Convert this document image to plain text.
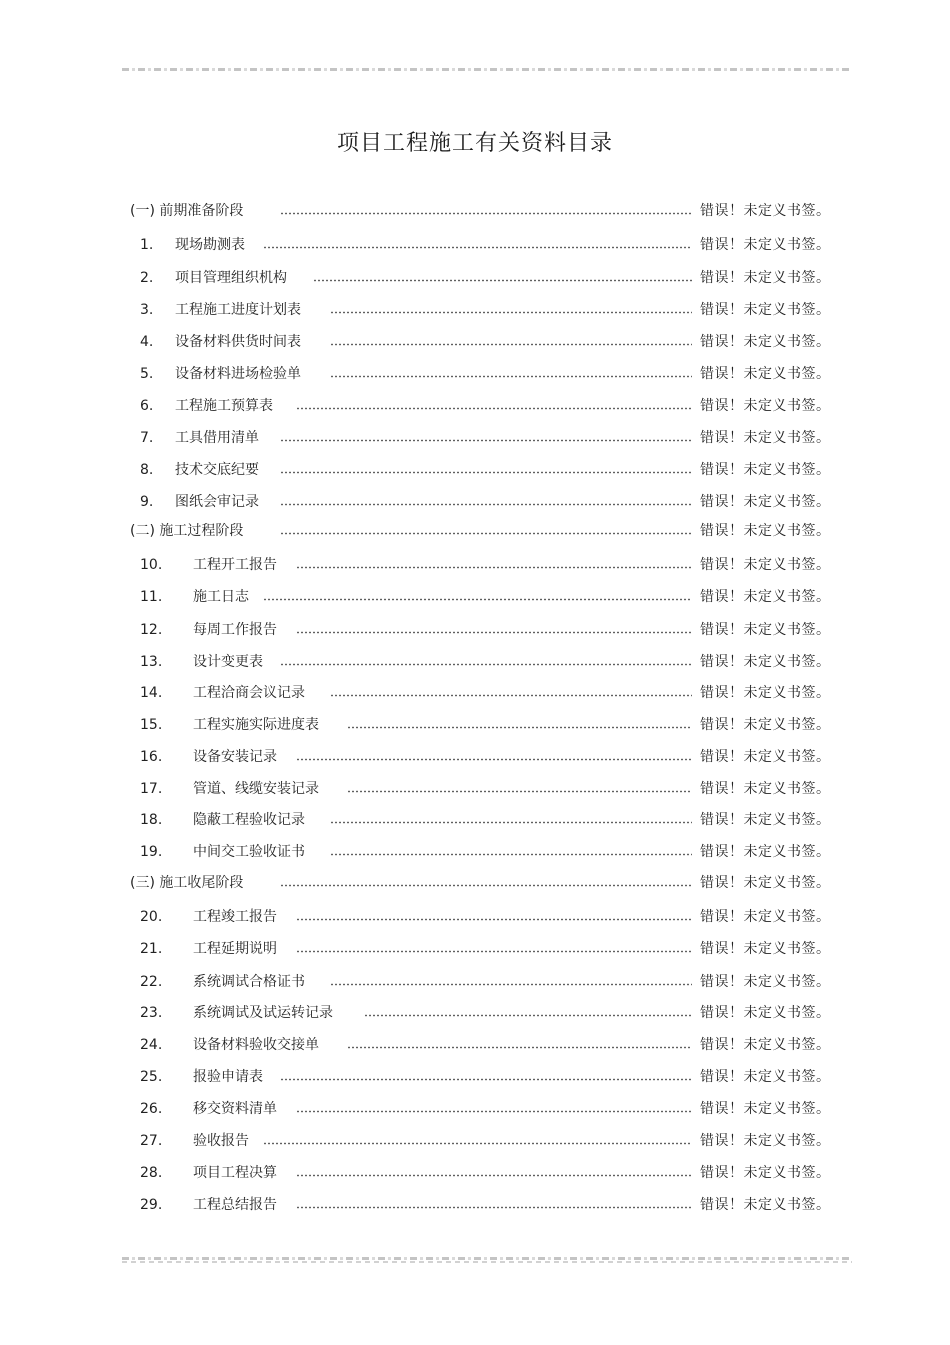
项目工程施工有关资料目录
(一) 前期准备阶段	错误！未定义书签。
1. 现场勘测表	错误！未定义书签。
2. 项目管理组织机构	错误！未定义书签。
3. 工程施工进度计划表	错误！未定义书签。
4. 设备材料供货时间表	错误！未定义书签。
5. 设备材料进场检验单	错误！未定义书签。
6. 工程施工预算表	错误！未定义书签。
7. 工具借用清单	错误！未定义书签。
8. 技术交底纪要	错误！未定义书签。
9. 图纸会审记录	错误！未定义书签。
(二) 施工过程阶段	错误！未定义书签。
10. 工程开工报告	错误！未定义书签。
11. 施工日志	错误！未定义书签。
12. 每周工作报告	错误！未定义书签。
13. 设计变更表	错误！未定义书签。
14. 工程洽商会议记录	错误！未定义书签。
15. 工程实施实际进度表	错误！未定义书签。
16. 设备安装记录	错误！未定义书签。
17. 管道、线缆安装记录	错误！未定义书签。
18. 隐蔽工程验收记录	错误！未定义书签。
19. 中间交工验收证书	错误！未定义书签。
(三) 施工收尾阶段	错误！未定义书签。
20. 工程竣工报告	错误！未定义书签。
21. 工程延期说明	错误！未定义书签。
22. 系统调试合格证书	错误！未定义书签。
23. 系统调试及试运转记录	错误！未定义书签。
24. 设备材料验收交接单	错误！未定义书签。
25. 报验申请表	错误！未定义书签。
26. 移交资料清单	错误！未定义书签。
27. 验收报告	错误！未定义书签。
28. 项目工程决算	错误！未定义书签。
29. 工程总结报告	错误！未定义书签。
